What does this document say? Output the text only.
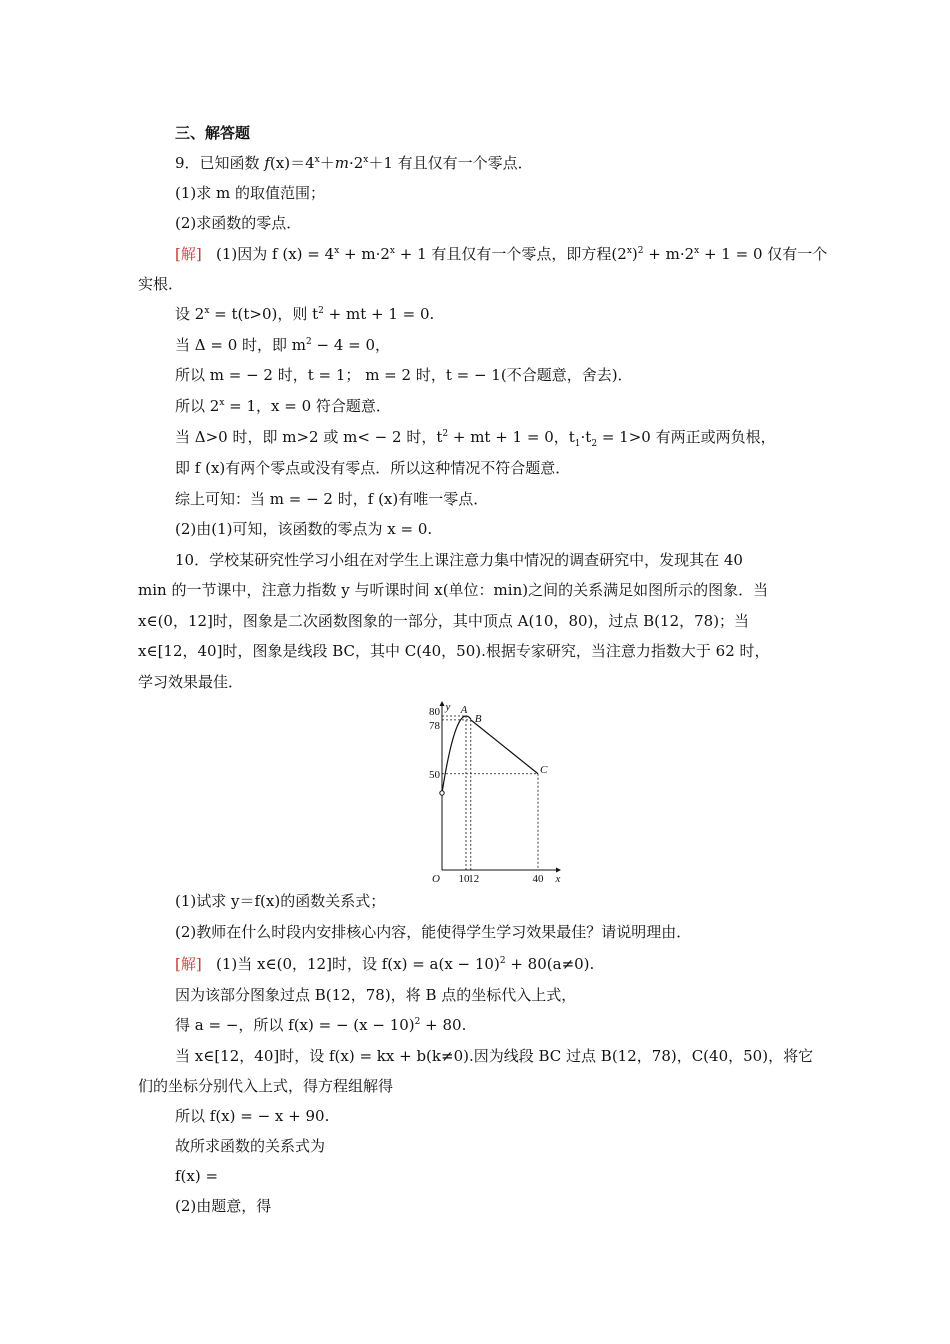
三、解答题
9．已知函数 $f(x)=4^x+m\cdot 2^x+1$ 有且仅有一个零点．
(1)求 m 的取值范围；
(2)求函数的零点．
[解] (1)因为 f $(x) = 4^x + m\cdot 2^x + 1$ 有且仅有一个零点，即方程$(2^x)^2 + m\cdot 2^x + 1 = 0$ 仅有一个
实根．
设 $2^x = t(t>0)$，则 $t^2$ + mt + 1 = 0.
当 Δ = 0 时，即 $m^2 - 4 = 0$，
所以 m = − 2 时，t = 1； m = 2 时，t = − 1(不合题意，舍去)．
所以 $2^x = 1$，x = 0 符合题意．
当 Δ>0 时，即 m>2 或 m< − 2 时，$t^2$ + mt + 1 = 0，$t_1\cdot t_2 = 1>0$ 有两正或两负根，
即 f (x)有两个零点或没有零点．所以这种情况不符合题意．
综上可知：当 m = − 2 时，f (x)有唯一零点．
(2)由(1)可知，该函数的零点为 x = 0.
10．学校某研究性学习小组在对学生上课注意力集中情况的调查研究中，发现其在 40
min 的一节课中，注意力指数 y 与听课时间 x(单位：min)之间的关系满足如图所示的图象．当
x∈(0，12]时，图象是二次函数图象的一部分，其中顶点 A(10，80)，过点 B(12，78)；当
x∈[12，40]时，图象是线段 BC，其中 C(40，50).根据专家研究，当注意力指数大于 62 时，
学习效果最佳．
80
78
50
10
12	40
O	x
y A
B
C
(1)试求 y＝f(x)的函数关系式；
(2)教师在什么时段内安排核心内容，能使得学生学习效果最佳？请说明理由．
[解] (1)当 x∈(0，12]时，设 $f(x) = a(x - 10)^2 + 80(a\ne 0)$.
因为该部分图象过点 B(12，78)，将 B 点的坐标代入上式，
得 a = −，所以 f(x) = − $(x - 10)^2 + 80$.
当 x∈[12，40]时，设 f(x) = kx + b(k≠0).因为线段 BC 过点 B(12，78)，C(40，50)，将它
们的坐标分别代入上式，得方程组解得
所以 f(x) = − x + 90.
故所求函数的关系式为
f(x) =
(2)由题意，得
